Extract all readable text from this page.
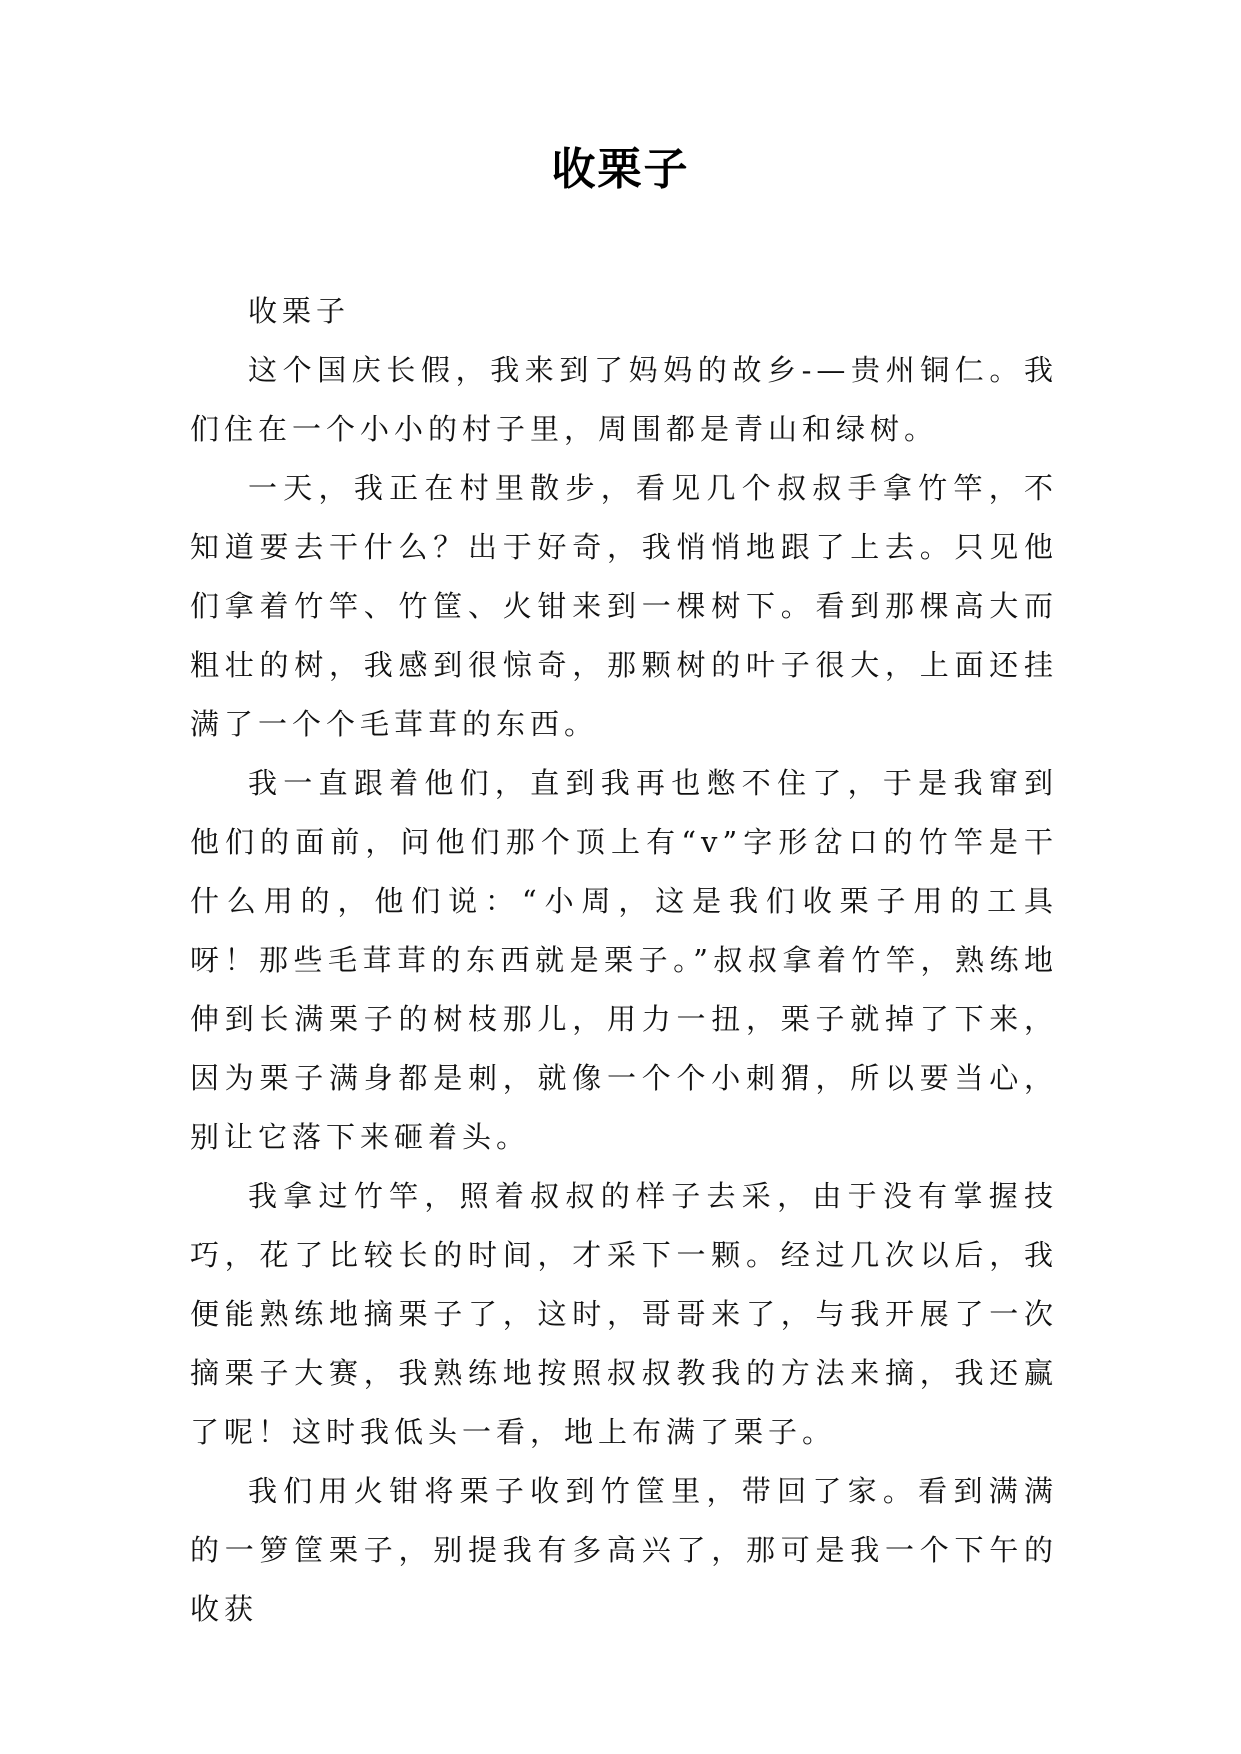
收栗子

收栗子

这个国庆长假，我来到了妈妈的故乡-—贵州铜仁。我们住在一个小小的村子里，周围都是青山和绿树。

一天，我正在村里散步，看见几个叔叔手拿竹竿，不知道要去干什么？出于好奇，我悄悄地跟了上去。只见他们拿着竹竿、竹筐、火钳来到一棵树下。看到那棵高大而粗壮的树，我感到很惊奇，那颗树的叶子很大，上面还挂满了一个个毛茸茸的东西。

我一直跟着他们，直到我再也憋不住了，于是我窜到他们的面前，问他们那个顶上有“v”字形岔口的竹竿是干什么用的，他们说：“小周，这是我们收栗子用的工具呀！那些毛茸茸的东西就是栗子。”叔叔拿着竹竿，熟练地伸到长满栗子的树枝那儿，用力一扭，栗子就掉了下来，因为栗子满身都是刺，就像一个个小刺猬，所以要当心，别让它落下来砸着头。

我拿过竹竿，照着叔叔的样子去采，由于没有掌握技巧，花了比较长的时间，才采下一颗。经过几次以后，我便能熟练地摘栗子了，这时，哥哥来了，与我开展了一次摘栗子大赛，我熟练地按照叔叔教我的方法来摘，我还赢了呢！这时我低头一看，地上布满了栗子。

我们用火钳将栗子收到竹筐里，带回了家。看到满满的一箩筐栗子，别提我有多高兴了，那可是我一个下午的收获
